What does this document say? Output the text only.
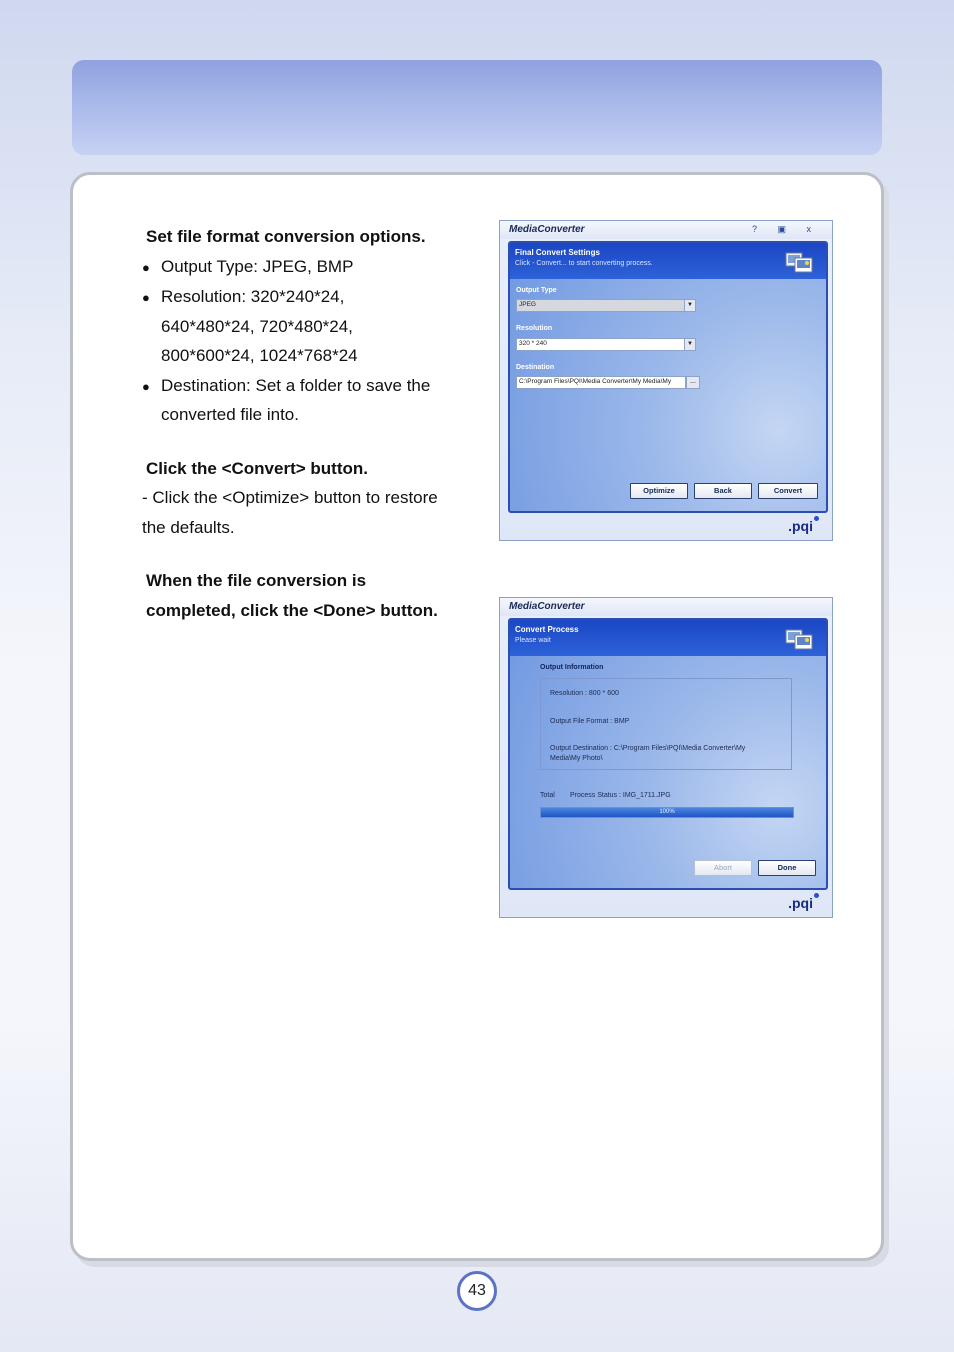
Set file format conversion options.
● Output Type: JPEG, BMP
● Resolution: 320*240*24, 640*480*24, 720*480*24, 800*600*24, 1024*768*24
● Destination: Set a folder to save the converted file into.
Click the <Convert> button.
- Click the <Optimize> button to restore the defaults.
When the file conversion is completed, click the <Done> button.
MediaConverter	? ▣ x
Final Convert Settings
Click - Convert... to start converting process.
Output Type
JPEG	▼
Resolution
320 * 240	▼
Destination
C:\Program Files\PQI\Media Converter\My Media\My	...
Optimize	Back	Convert
.pqi
MediaConverter
Convert Process
Please wait
Output Information
Resolution : 800 * 600
Output File Format : BMP
Output Destination : C:\Program Files\PQI\Media Converter\My
Media\My Photo\
Total Process Status : IMG_1711.JPG
100%
Abort	Done
.pqi
43
